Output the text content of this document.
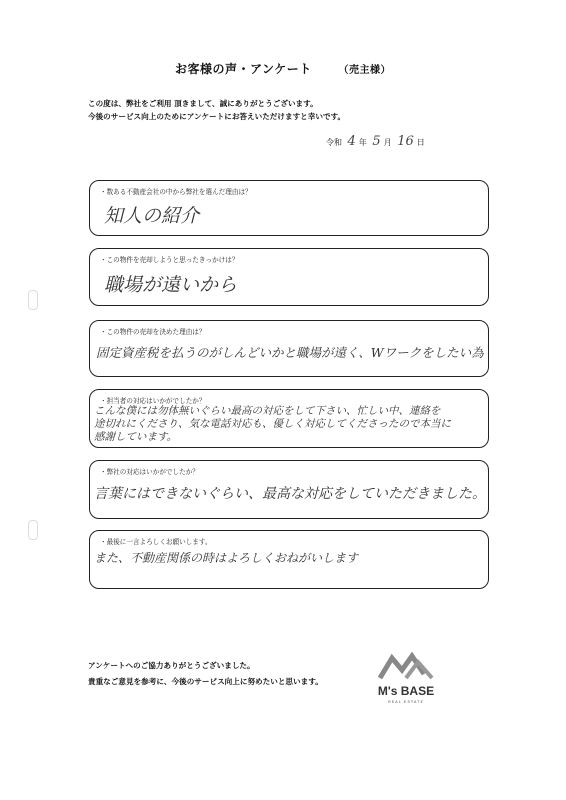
お客様の声・アンケート	（売主様）
この度は、弊社をご利用 頂きまして、誠にありがとうございます。
今後のサービス向上のためにアンケートにお答えいただけますと幸いです。
令和 4 年 5 月 16 日
・数ある不動産会社の中から弊社を選んだ理由は？
知人の紹介
・この物件を売却しようと思ったきっかけは？
職場が遠いから
・この物件の売却を決めた理由は？
固定資産税を払うのがしんどいかと職場が遠く、Wワークをしたい為
・担当者の対応はいかがでしたか？
こんな僕には勿体無いぐらい最高の対応をして下さい、忙しい中、連絡を
途切れにくださり、気な電話対応も、優しく対応してくださったので本当に
感謝しています。
・弊社の対応はいかがでしたか？
言葉にはできないぐらい、最高な対応をしていただきました。
・最後に一言よろしくお願いします。
また、不動産関係の時はよろしくおねがいします
アンケートへのご協力ありがとうございました。
貴重なご意見を参考に、今後のサービス向上に努めたいと思います。
M's BASE
REAL ESTATE
